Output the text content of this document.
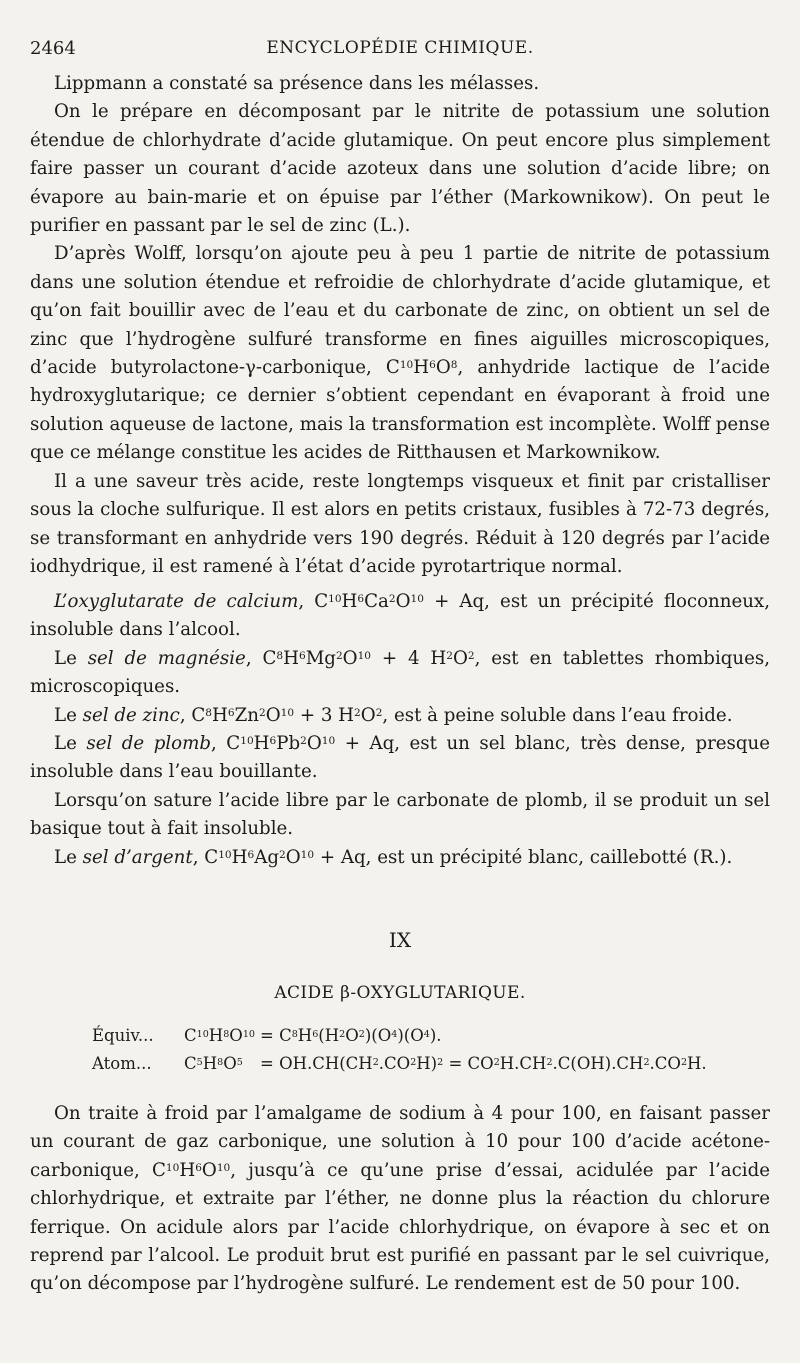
2464	ENCYCLOPÉDIE CHIMIQUE.

Lippmann a constaté sa présence dans les mélasses.

On le prépare en décomposant par le nitrite de potassium une solution étendue de chlorhydrate d’acide glutamique. On peut encore plus simplement faire passer un courant d’acide azoteux dans une solution d’acide libre; on évapore au bain-marie et on épuise par l’éther (Markownikow). On peut le purifier en passant par le sel de zinc (L.).

D’après Wolff, lorsqu’on ajoute peu à peu 1 partie de nitrite de potassium dans une solution étendue et refroidie de chlorhydrate d’acide glutamique, et qu’on fait bouillir avec de l’eau et du carbonate de zinc, on obtient un sel de zinc que l’hydrogène sulfuré transforme en fines aiguilles microscopiques, d’acide butyrolactone-γ-carbonique, $C^{10}H^6O^8$, anhydride lactique de l’acide hydroxyglutarique; ce dernier s’obtient cependant en évaporant à froid une solution aqueuse de lactone, mais la transformation est incomplète. Wolff pense que ce mélange constitue les acides de Ritthausen et Markownikow.

Il a une saveur très acide, reste longtemps visqueux et finit par cristalliser sous la cloche sulfurique. Il est alors en petits cristaux, fusibles à 72-73 degrés, se transformant en anhydride vers 190 degrés. Réduit à 120 degrés par l’acide iodhydrique, il est ramené à l’état d’acide pyrotartrique normal.

L’oxyglutarate de calcium, $C^{10}H^6Ca^2O^{10} + Aq$, est un précipité floconneux, insoluble dans l’alcool.

Le sel de magnésie, $C^8H^6Mg^2O^{10} + 4$ $H^2O^2$, est en tablettes rhombiques, microscopiques.

Le sel de zinc, $C^8H^6Zn^2O^{10} + 3$ $H^2O^2$, est à peine soluble dans l’eau froide.

Le sel de plomb, $C^{10}H^6Pb^2O^{10} + Aq$, est un sel blanc, très dense, presque insoluble dans l’eau bouillante.

Lorsqu’on sature l’acide libre par le carbonate de plomb, il se produit un sel basique tout à fait insoluble.

Le sel d’argent, $C^{10}H^6Ag^2O^{10} + Aq$, est un précipité blanc, caillebotté (R.).

IX
ACIDE β-OXYGLUTARIQUE.
Équiv... $C^{10}H^8O^{10} = C^8H^6(H^2O^2)(O^4)(O^4)$.
Atom... $C^5H^8O^5 = OH.CH(CH^2.CO^2H)^2 = CO^2H.CH^2.C(OH).CH^2.CO^2H$.

On traite à froid par l’amalgame de sodium à 4 pour 100, en faisant passer un courant de gaz carbonique, une solution à 10 pour 100 d’acide acétone-carbonique, $C^{10}H^6O^{10}$, jusqu’à ce qu’une prise d’essai, acidulée par l’acide chlorhydrique, et extraite par l’éther, ne donne plus la réaction du chlorure ferrique. On acidule alors par l’acide chlorhydrique, on évapore à sec et on reprend par l’alcool. Le produit brut est purifié en passant par le sel cuivrique, qu’on décompose par l’hydrogène sulfuré. Le rendement est de 50 pour 100.
